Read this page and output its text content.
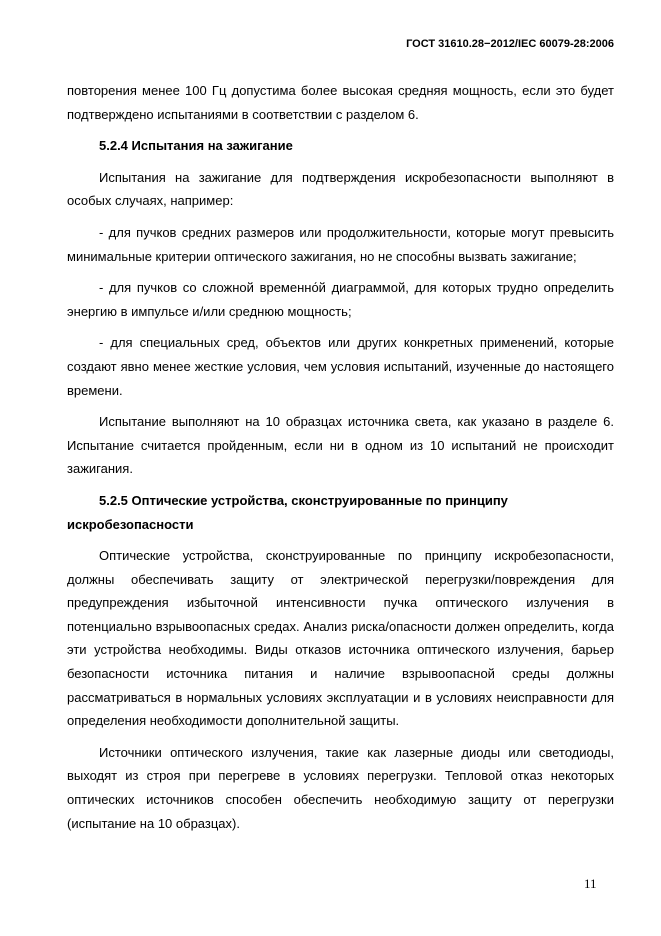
ГОСТ 31610.28−2012/IEC 60079-28:2006

повторения менее 100 Гц допустима более высокая средняя мощность, если это будет подтверждено испытаниями в соответствии с разделом 6.

5.2.4 Испытания на зажигание

Испытания на зажигание для подтверждения искробезопасности выполняют в особых случаях, например:

- для пучков средних размеров или продолжительности, которые могут превысить минимальные критерии оптического зажигания, но не способны вызвать зажигание;

- для пучков со сложной временно́й диаграммой, для которых трудно определить энергию в импульсе и/или среднюю мощность;

- для специальных сред, объектов или других конкретных применений, которые создают явно менее жесткие условия, чем условия испытаний, изученные до настоящего времени.

Испытание выполняют на 10 образцах источника света, как указано в разделе 6. Испытание считается пройденным, если ни в одном из 10 испытаний не происходит зажигания.

5.2.5 Оптические устройства, сконструированные по принципу искробезопасности

Оптические устройства, сконструированные по принципу искробезопасности, должны обеспечивать защиту от электрической перегрузки/повреждения для предупреждения избыточной интенсивности пучка оптического излучения в потенциально взрывоопасных средах. Анализ риска/опасности должен определить, когда эти устройства необходимы. Виды отказов источника оптического излучения, барьер безопасности источника питания и наличие взрывоопасной среды должны рассматриваться в нормальных условиях эксплуатации и в условиях неисправности для определения необходимости дополнительной защиты.

Источники оптического излучения, такие как лазерные диоды или светодиоды, выходят из строя при перегреве в условиях перегрузки. Тепловой отказ некоторых оптических источников способен обеспечить необходимую защиту от перегрузки (испытание на 10 образцах).

11
